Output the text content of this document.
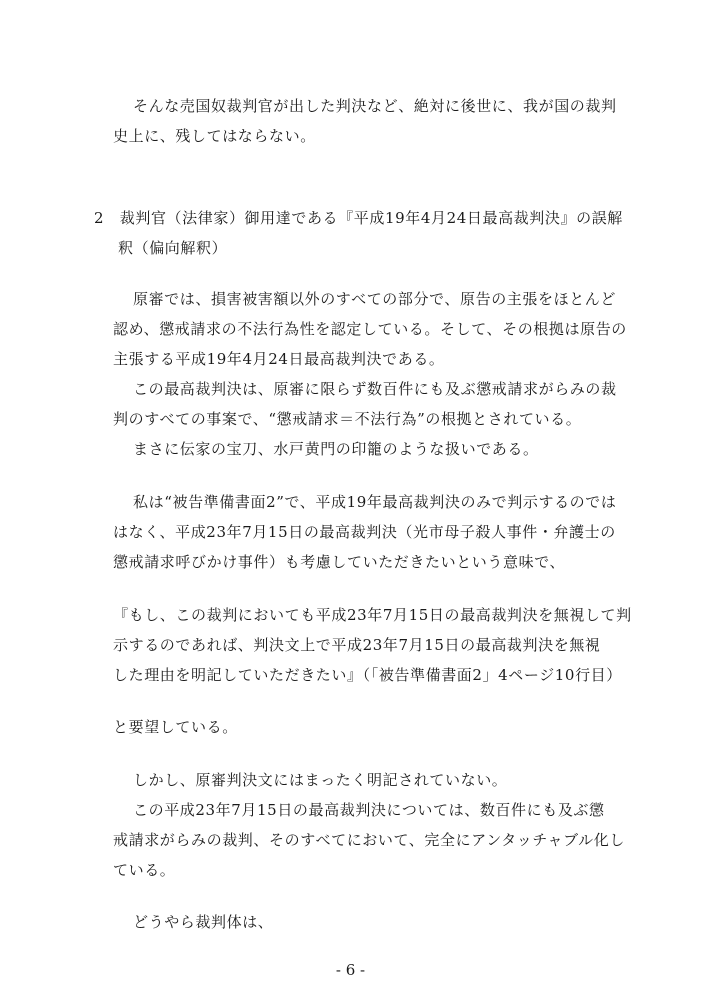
そんな売国奴裁判官が出した判決など、絶対に後世に、我が国の裁判
史上に、残してはならない。
2　裁判官（法律家）御用達である『平成19年4月24日最高裁判決』の誤解
釈（偏向解釈）
原審では、損害被害額以外のすべての部分で、原告の主張をほとんど
認め、懲戒請求の不法行為性を認定している。そして、その根拠は原告の
主張する平成19年4月24日最高裁判決である。
この最高裁判決は、原審に限らず数百件にも及ぶ懲戒請求がらみの裁
判のすべての事案で、“懲戒請求＝不法行為”の根拠とされている。
まさに伝家の宝刀、水戸黄門の印籠のような扱いである。
私は“被告準備書面2”で、平成19年最高裁判決のみで判示するのでは
はなく、平成23年7月15日の最高裁判決（光市母子殺人事件・弁護士の
懲戒請求呼びかけ事件）も考慮していただきたいという意味で、
『もし、この裁判においても平成23年7月15日の最高裁判決を無視して判
示するのであれば、判決文上で平成23年7月15日の最高裁判決を無視
した理由を明記していただきたい』（「被告準備書面2」4ページ10行目）
と要望している。
しかし、原審判決文にはまったく明記されていない。
この平成23年7月15日の最高裁判決については、数百件にも及ぶ懲
戒請求がらみの裁判、そのすべてにおいて、完全にアンタッチャブル化し
ている。
どうやら裁判体は、
- 6 -
